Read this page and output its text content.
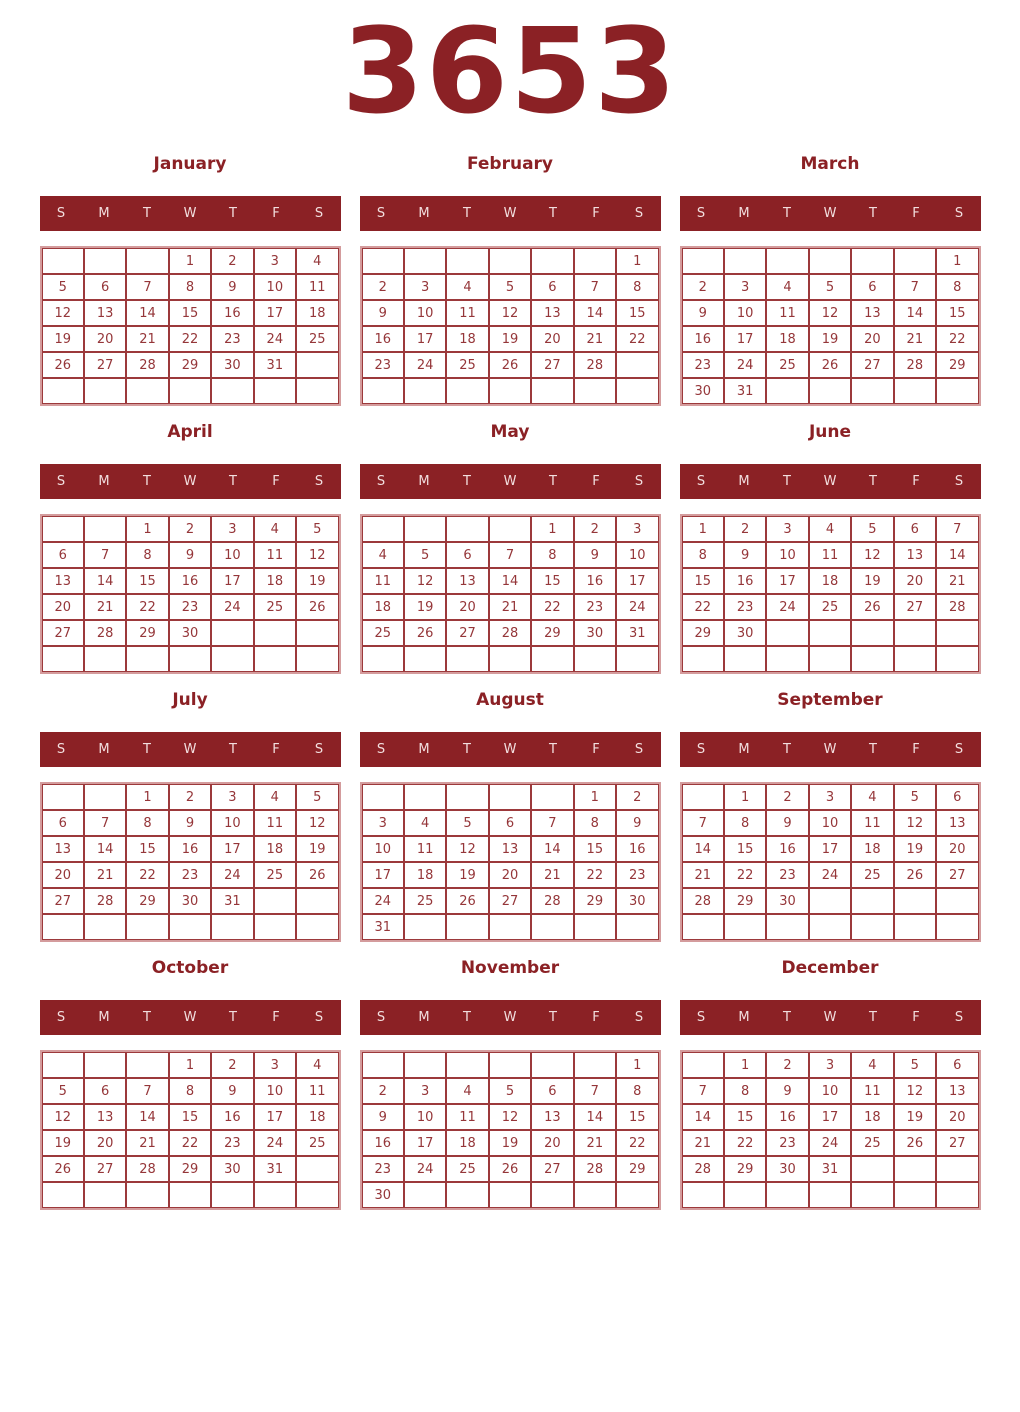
3653
January
S	M	T	W	T	F	S
			1	2	3	4
5	6	7	8	9	10	11
12	13	14	15	16	17	18
19	20	21	22	23	24	25
26	27	28	29	30	31	

February
S	M	T	W	T	F	S
						1
2	3	4	5	6	7	8
9	10	11	12	13	14	15
16	17	18	19	20	21	22
23	24	25	26	27	28	

March
S	M	T	W	T	F	S
						1
2	3	4	5	6	7	8
9	10	11	12	13	14	15
16	17	18	19	20	21	22
23	24	25	26	27	28	29
30	31					
April
S	M	T	W	T	F	S
		1	2	3	4	5
6	7	8	9	10	11	12
13	14	15	16	17	18	19
20	21	22	23	24	25	26
27	28	29	30			

May
S	M	T	W	T	F	S
				1	2	3
4	5	6	7	8	9	10
11	12	13	14	15	16	17
18	19	20	21	22	23	24
25	26	27	28	29	30	31

June
S	M	T	W	T	F	S
1	2	3	4	5	6	7
8	9	10	11	12	13	14
15	16	17	18	19	20	21
22	23	24	25	26	27	28
29	30					

July
S	M	T	W	T	F	S
		1	2	3	4	5
6	7	8	9	10	11	12
13	14	15	16	17	18	19
20	21	22	23	24	25	26
27	28	29	30	31		

August
S	M	T	W	T	F	S
					1	2
3	4	5	6	7	8	9
10	11	12	13	14	15	16
17	18	19	20	21	22	23
24	25	26	27	28	29	30
31						
September
S	M	T	W	T	F	S
	1	2	3	4	5	6
7	8	9	10	11	12	13
14	15	16	17	18	19	20
21	22	23	24	25	26	27
28	29	30				

October
S	M	T	W	T	F	S
			1	2	3	4
5	6	7	8	9	10	11
12	13	14	15	16	17	18
19	20	21	22	23	24	25
26	27	28	29	30	31	

November
S	M	T	W	T	F	S
						1
2	3	4	5	6	7	8
9	10	11	12	13	14	15
16	17	18	19	20	21	22
23	24	25	26	27	28	29
30						
December
S	M	T	W	T	F	S
	1	2	3	4	5	6
7	8	9	10	11	12	13
14	15	16	17	18	19	20
21	22	23	24	25	26	27
28	29	30	31			
